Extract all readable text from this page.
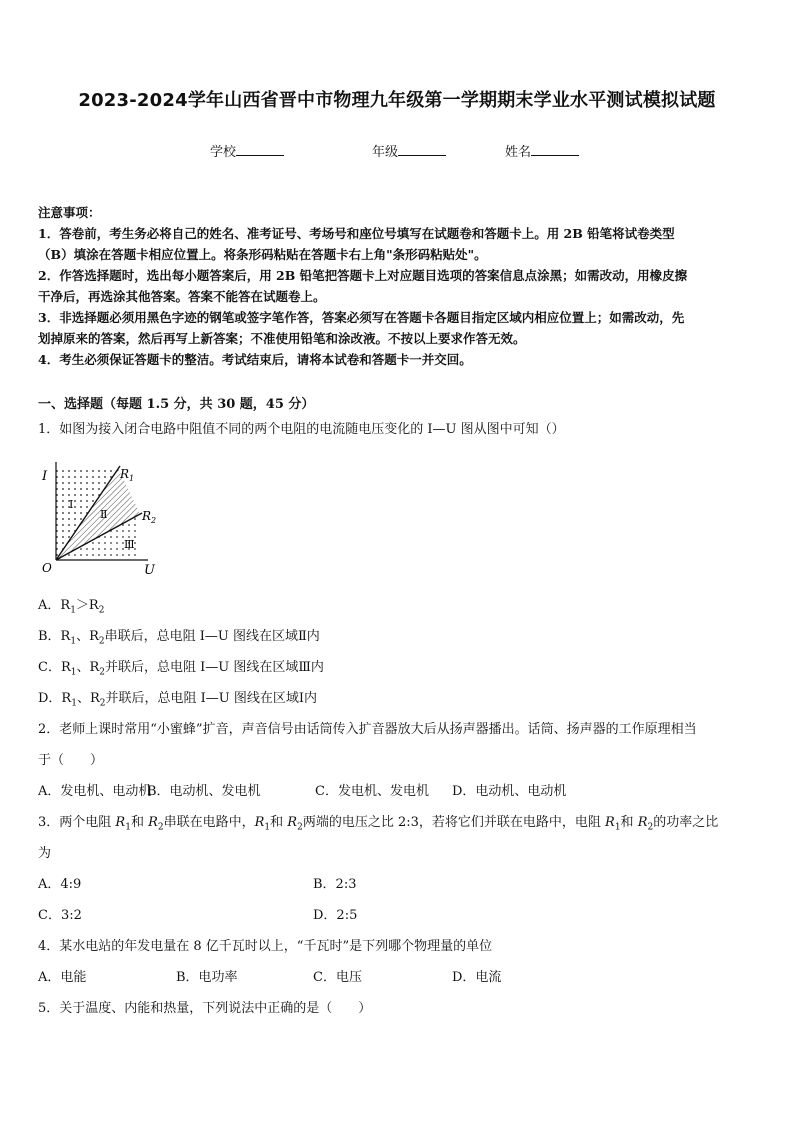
2023-2024学年山西省晋中市物理九年级第一学期期末学业水平测试模拟试题
学校	年级	姓名
注意事项：
1．答卷前，考生务必将自己的姓名、准考证号、考场号和座位号填写在试题卷和答题卡上。用 2B 铅笔将试卷类型
（B）填涂在答题卡相应位置上。将条形码粘贴在答题卡右上角"条形码粘贴处"。
2．作答选择题时，选出每小题答案后，用 2B 铅笔把答题卡上对应题目选项的答案信息点涂黑；如需改动，用橡皮擦
干净后，再选涂其他答案。答案不能答在试题卷上。
3．非选择题必须用黑色字迹的钢笔或签字笔作答，答案必须写在答题卡各题目指定区域内相应位置上；如需改动，先
划掉原来的答案，然后再写上新答案；不准使用铅笔和涂改液。不按以上要求作答无效。
4．考生必须保证答题卡的整洁。考试结束后，请将本试卷和答题卡一并交回。
一、选择题（每题 1.5 分，共 30 题，45 分）
1．如图为接入闭合电路中阻值不同的两个电阻的电流随电压变化的 I—U 图从图中可知（）
I
U
O
$R_1$
$R_2$
Ⅰ
Ⅱ
Ⅲ
A．$R_1>R_2$
B．$R_1$、$R_2$串联后，总电阻 I—U 图线在区域Ⅱ内
C．$R_1$、$R_2$并联后，总电阻 I—U 图线在区域Ⅲ内
D．$R_1$、$R_2$并联后，总电阻 I—U 图线在区域Ⅰ内
2．老师上课时常用“小蜜蜂”扩音，声音信号由话筒传入扩音器放大后从扬声器播出。话筒、扬声器的工作原理相当
于（　　）
A．发电机、电动机
B．电动机、发电机	C．发电机、发电机 D．电动机、电动机
3．两个电阻 $R_1$和 $R_2$串联在电路中，$R_1$和 $R_2$两端的电压之比 2:3，若将它们并联在电路中，电阻 $R_1$和 $R_2$的功率之比
为
A．4:9	B．2:3
C．3:2	D．2:5
4．某水电站的年发电量在 8 亿千瓦时以上，“千瓦时”是下列哪个物理量的单位
A．电能	B．电功率	C．电压	D．电流
5．关于温度、内能和热量，下列说法中正确的是（　　）
